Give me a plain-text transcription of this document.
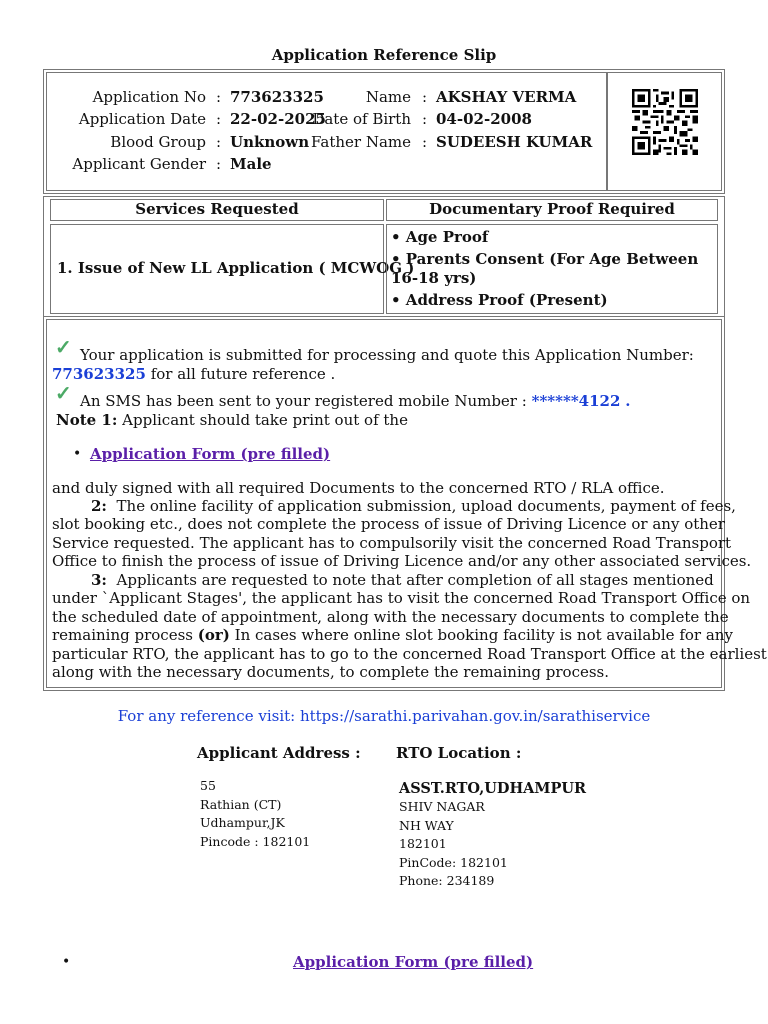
Application Reference Slip
Application No : 773623325
Application Date : 22-02-2025
Blood Group : Unknown
Applicant Gender : Male
Name : AKSHAY VERMA
Date of Birth : 04-02-2008
Father Name : SUDEESH KUMAR
Services Requested	Documentary Proof Required
1. Issue of New LL Application ( MCWOG )
• Age Proof
• Parents Consent (For Age Between 16-18 yrs)
• Address Proof (Present)
✓ Your application is submitted for processing and quote this Application Number:
773623325 for all future reference .
✓ An SMS has been sent to your registered mobile Number : ******4122 .
Note 1: Applicant should take print out of the
• Application Form (pre filled)
and duly signed with all required Documents to the concerned RTO / RLA office.
2: The online facility of application submission, upload documents, payment of fees,
slot booking etc., does not complete the process of issue of Driving Licence or any other
Service requested. The applicant has to compulsorily visit the concerned Road Transport
Office to finish the process of issue of Driving Licence and/or any other associated services.
3: Applicants are requested to note that after completion of all stages mentioned
under `Applicant Stages', the applicant has to visit the concerned Road Transport Office on
the scheduled date of appointment, along with the necessary documents to complete the
remaining process (or) In cases where online slot booking facility is not available for any
particular RTO, the applicant has to go to the concerned Road Transport Office at the earliest
along with the necessary documents, to complete the remaining process.
For any reference visit: https://sarathi.parivahan.gov.in/sarathiservice
Applicant Address : RTO Location :
55
Rathian (CT)
Udhampur,JK
Pincode : 182101
ASST.RTO,UDHAMPUR
SHIV NAGAR
NH WAY
182101
PinCode: 182101
Phone: 234189
•	Application Form (pre filled)
